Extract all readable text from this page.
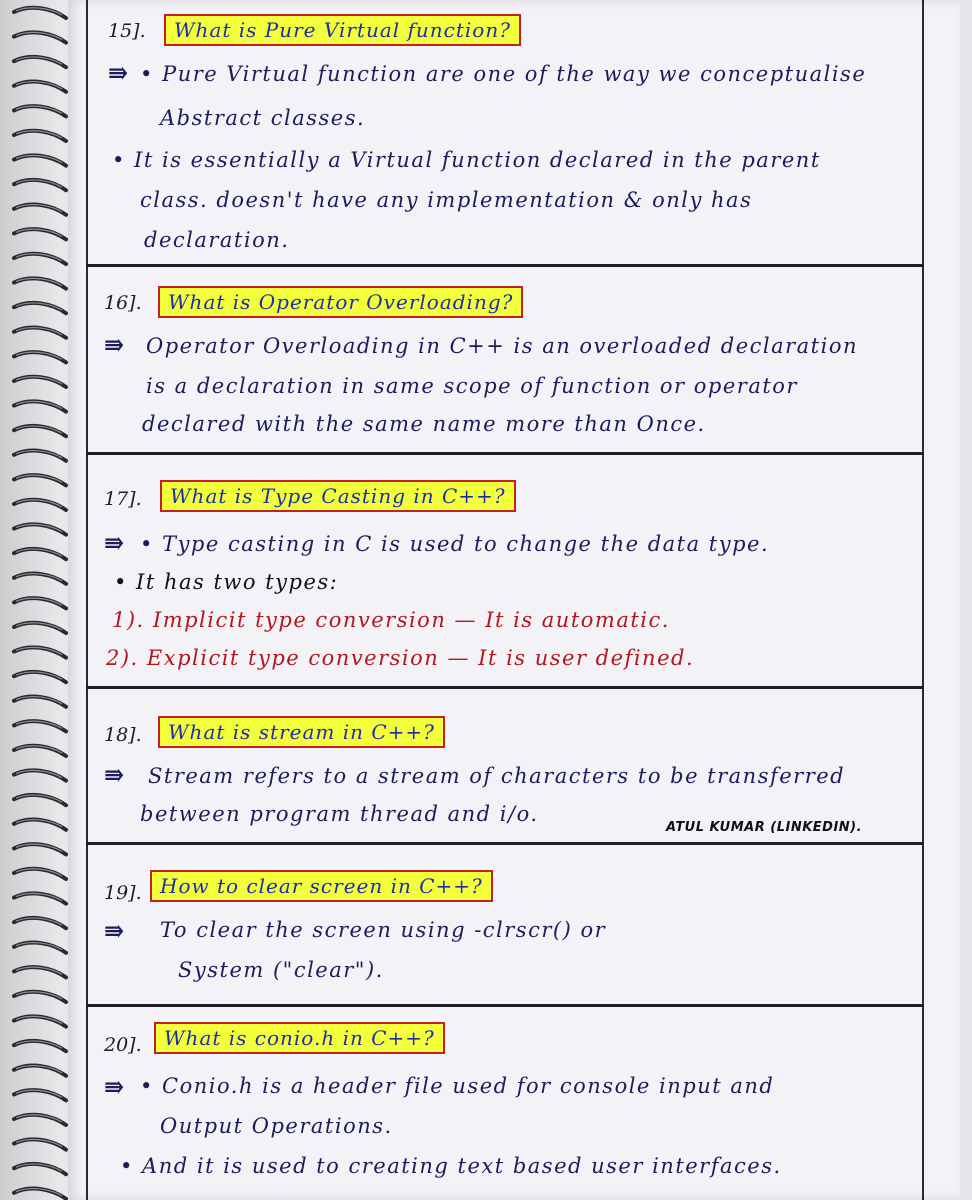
15].	What is Pure Virtual function?
⇛ • Pure Virtual function are one of the way we conceptualise
Abstract classes.
• It is essentially a Virtual function declared in the parent
class. doesn't have any implementation & only has
declaration.
16].	What is Operator Overloading?
⇛ Operator Overloading in C++ is an overloaded declaration
is a declaration in same scope of function or operator
declared with the same name more than Once.
17].	What is Type Casting in C++?
⇛ • Type casting in C is used to change the data type.
• It has two types:
1). Implicit type conversion — It is automatic.
2). Explicit type conversion — It is user defined.
18].	What is stream in C++?
⇛ Stream refers to a stream of characters to be transferred
between program thread and i/o.
ATUL KUMAR (LINKEDIN).
19]. How to clear screen in C++?
⇛ To clear the screen using -clrscr() or
System ("clear").
20].	What is conio.h in C++?
⇛ • Conio.h is a header file used for console input and
Output Operations.
• And it is used to creating text based user interfaces.
